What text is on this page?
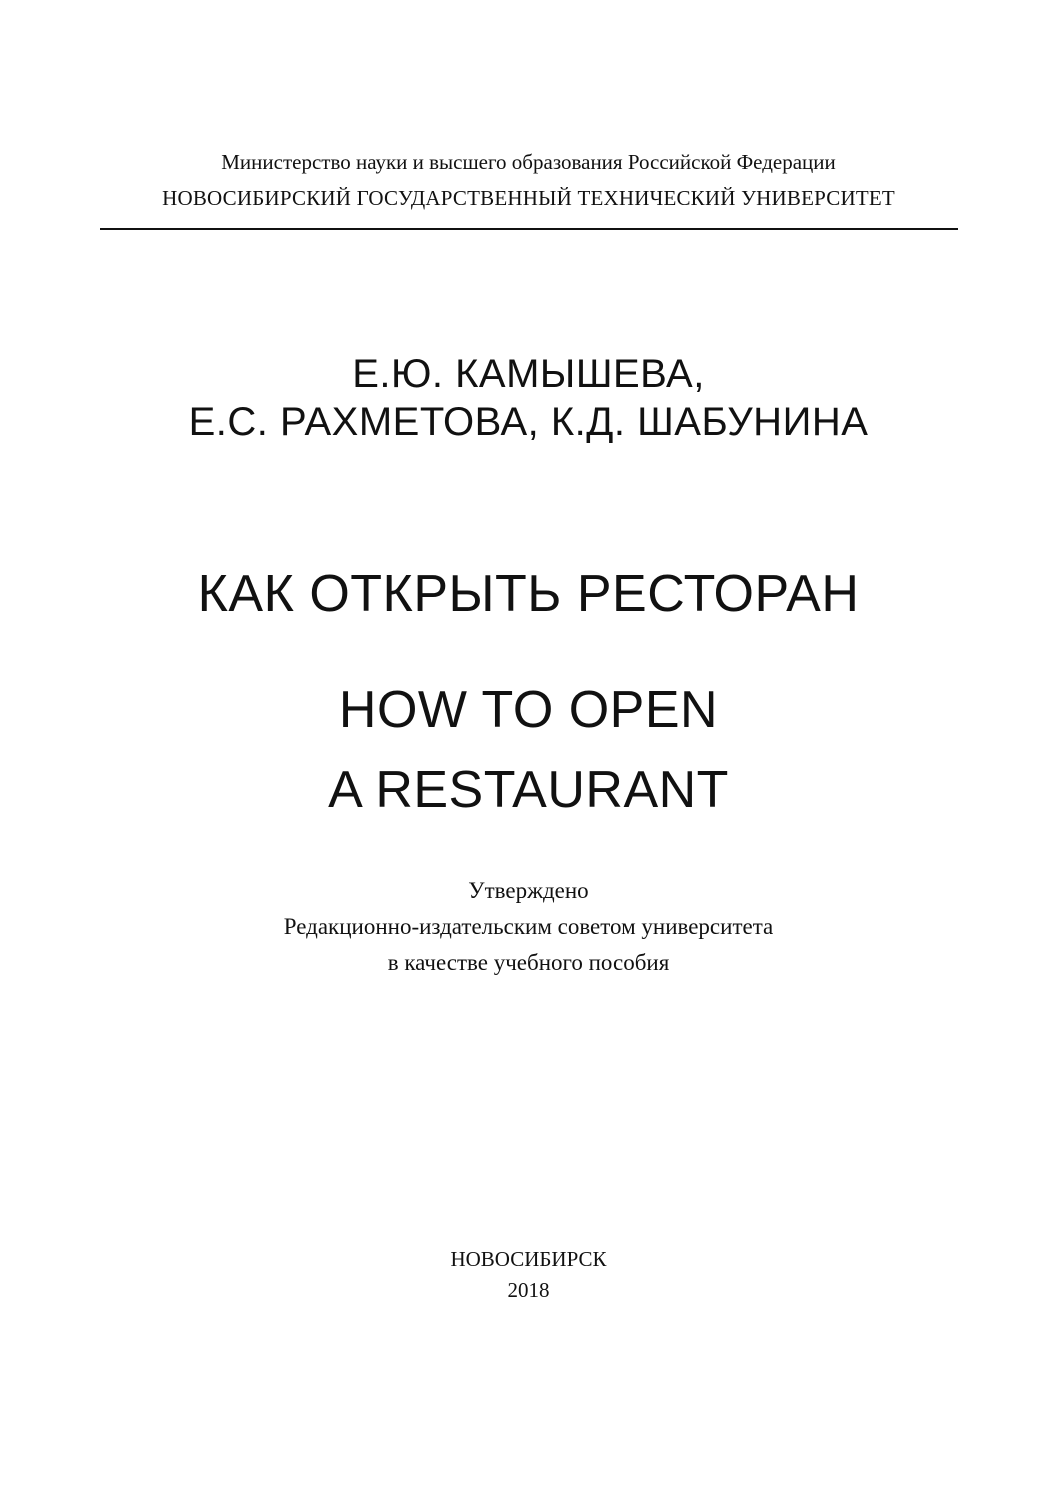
Министерство науки и высшего образования Российской Федерации
НОВОСИБИРСКИЙ ГОСУДАРСТВЕННЫЙ ТЕХНИЧЕСКИЙ УНИВЕРСИТЕТ
Е.Ю. КАМЫШЕВА,
Е.С. РАХМЕТОВА, К.Д. ШАБУНИНА
КАК ОТКРЫТЬ РЕСТОРАН
HOW TO OPEN
A RESTAURANT
Утверждено
Редакционно-издательским советом университета
в качестве учебного пособия
НОВОСИБИРСК
2018
